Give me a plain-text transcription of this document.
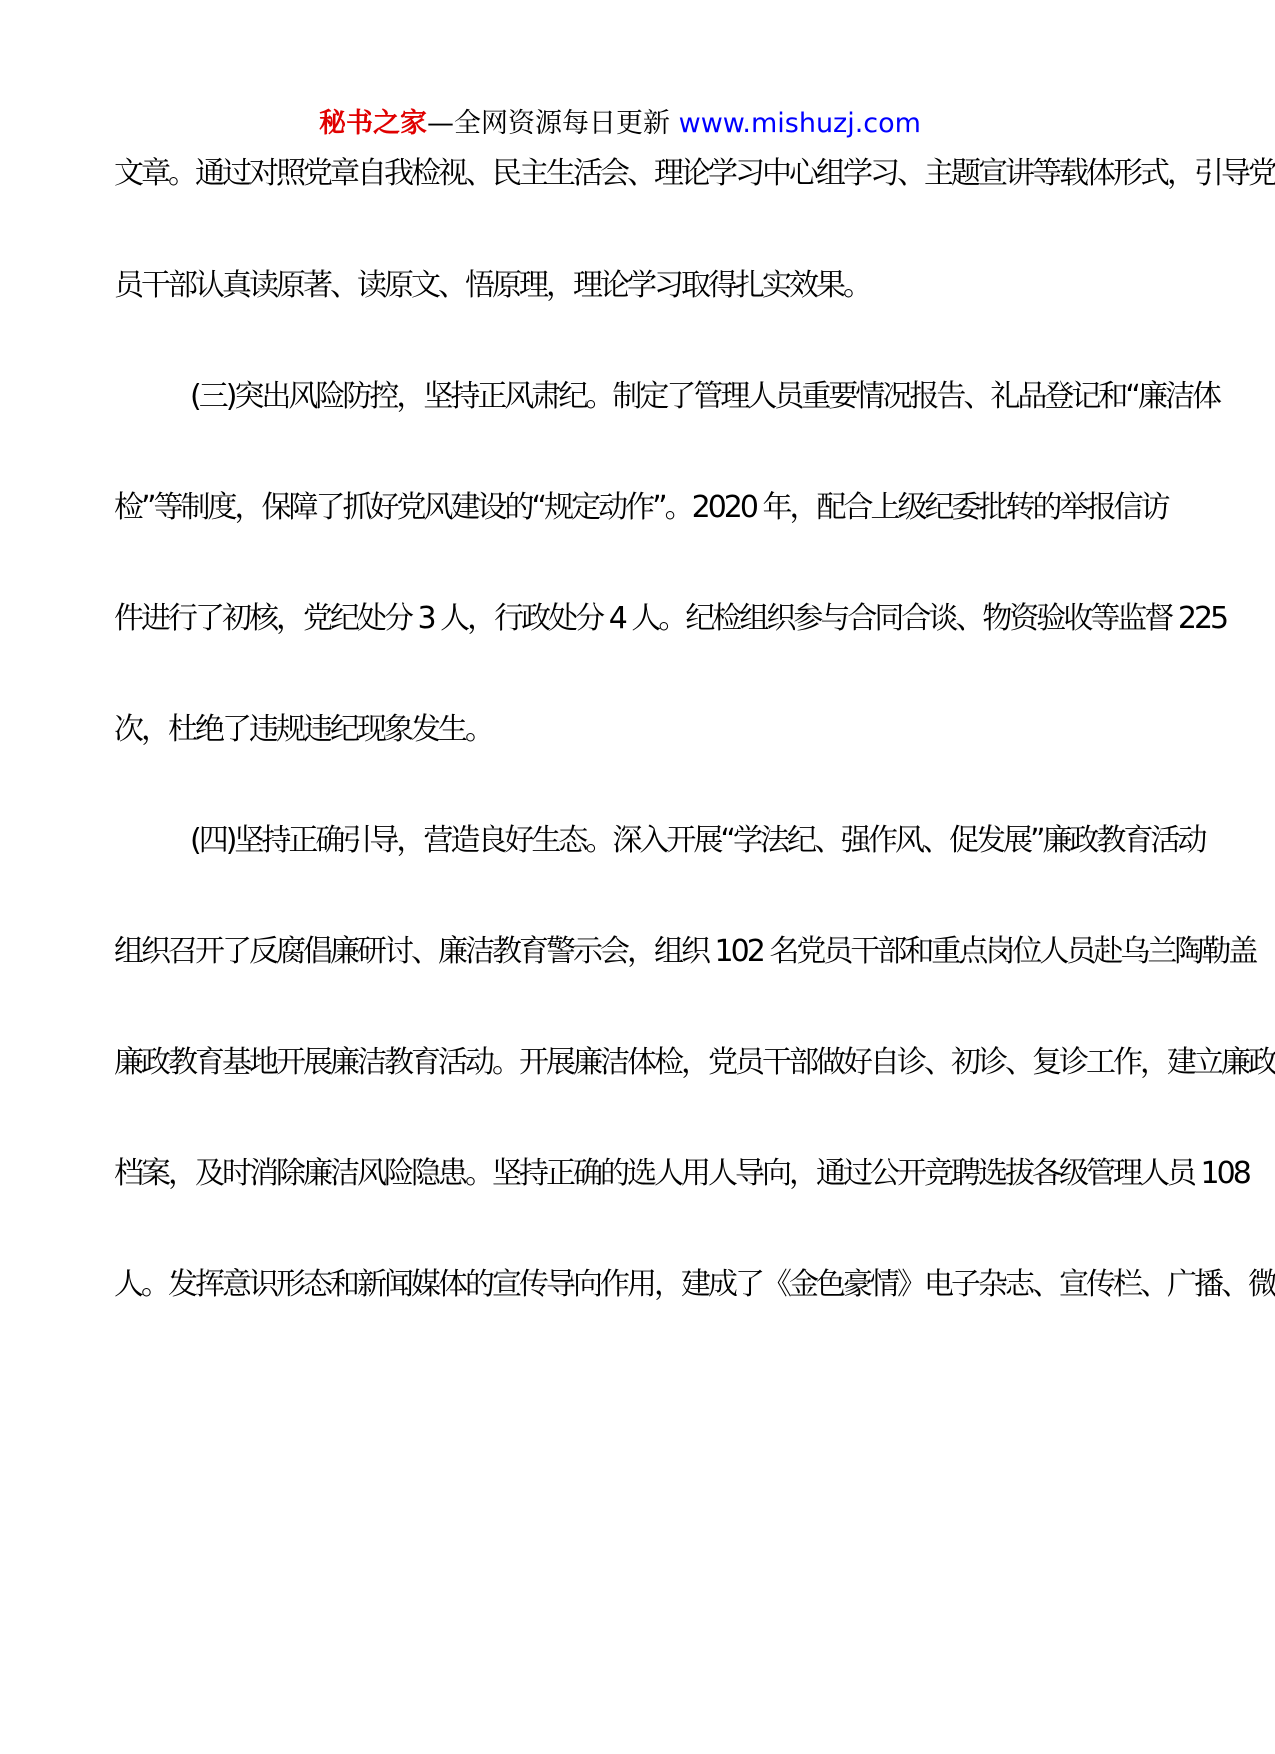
秘书之家—全网资源每日更新 www.mishuzj.com
文章。通过对照党章自我检视、民主生活会、理论学习中心组学习、主题宣讲等载体形式，引导党
员干部认真读原著、读原文、悟原理，理论学习取得扎实效果。
(三)突出风险防控，坚持正风肃纪。制定了管理人员重要情况报告、礼品登记和“廉洁体
检”等制度，保障了抓好党风建设的“规定动作”。2020 年，配合上级纪委批转的举报信访
件进行了初核，党纪处分 3 人，行政处分 4 人。纪检组织参与合同合谈、物资验收等监督 225
次，杜绝了违规违纪现象发生。
(四)坚持正确引导，营造良好生态。深入开展“学法纪、强作风、促发展”廉政教育活动
组织召开了反腐倡廉研讨、廉洁教育警示会，组织 102 名党员干部和重点岗位人员赴乌兰陶勒盖
廉政教育基地开展廉洁教育活动。开展廉洁体检，党员干部做好自诊、初诊、复诊工作，建立廉政
档案，及时消除廉洁风险隐患。坚持正确的选人用人导向，通过公开竞聘选拔各级管理人员 108
人。发挥意识形态和新闻媒体的宣传导向作用，建成了《金色豪情》电子杂志、宣传栏、广播、微
